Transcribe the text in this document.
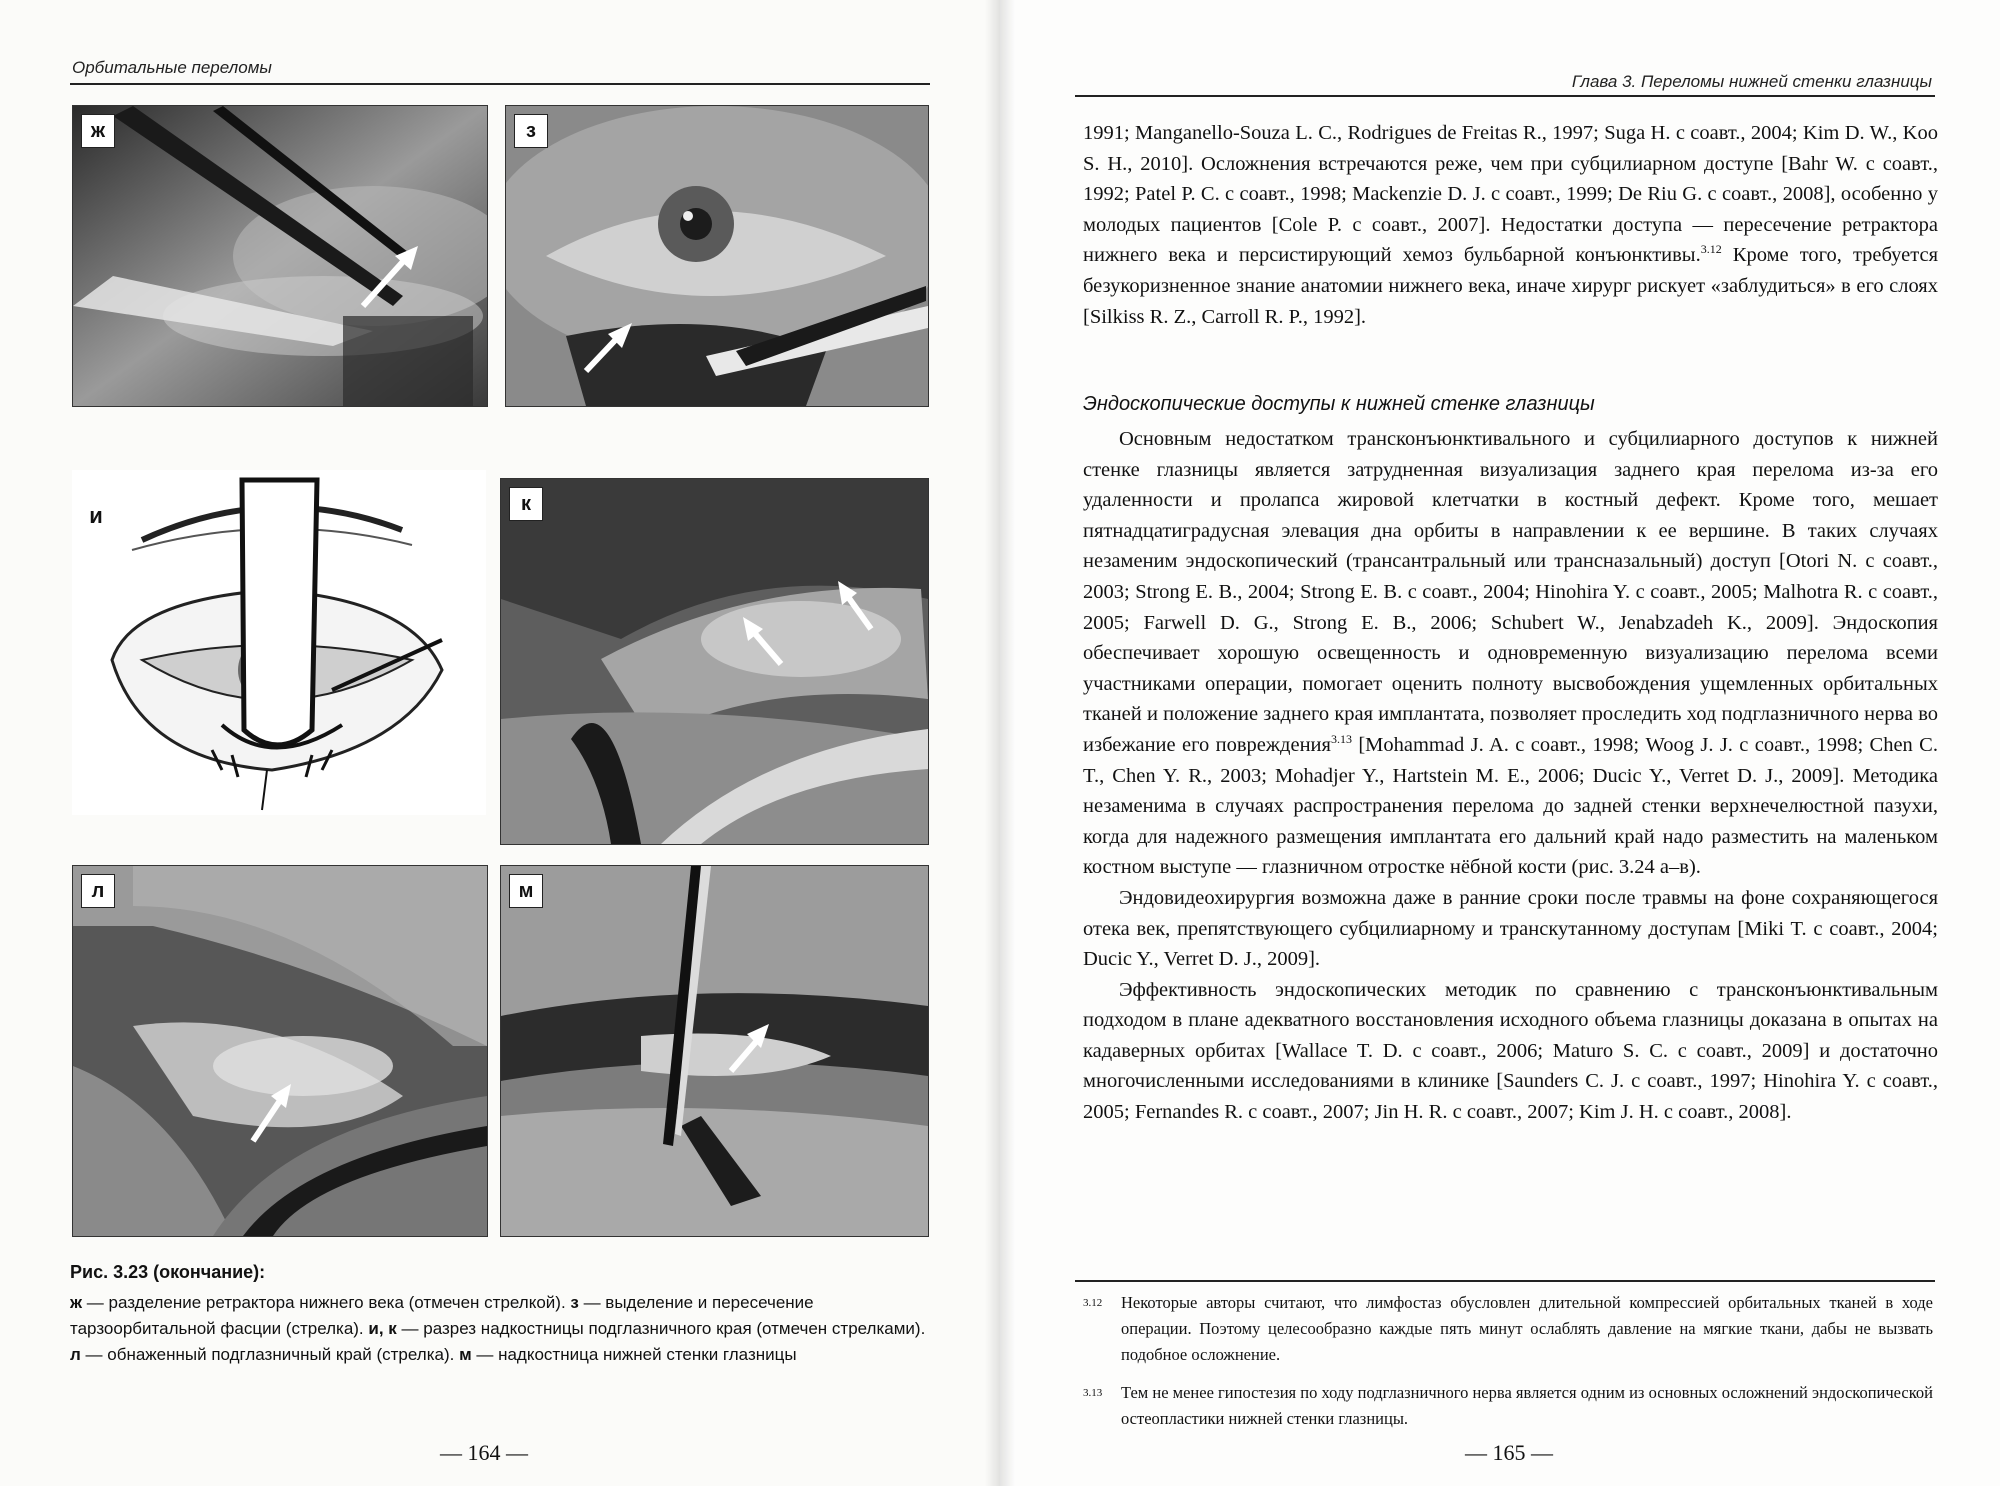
Орбитальные переломы
ж	з
и	к
л	м
Рис. 3.23 (окончание):
ж — разделение ретрактора нижнего века (отмечен стрелкой). з — выделение и пересечение тарзоорбитальной фасции (стрелка). и, к — разрез надкостницы подглазничного края (отмечен стрелками). л — обнаженный подглазничный край (стрелка). м — надкостница нижней стенки глазницы
— 164 —
Глава 3. Переломы нижней стенки глазницы

1991; Manganello-Souza L. C., Rodrigues de Freitas R., 1997; Suga H. с соавт., 2004; Kim D. W., Koo S. H., 2010]. Осложнения встречаются реже, чем при субцилиарном доступе [Bahr W. с соавт., 1992; Patel P. C. с соавт., 1998; Mackenzie D. J. с соавт., 1999; De Riu G. с соавт., 2008], особенно у молодых пациентов [Cole P. с соавт., 2007]. Недостатки доступа — пересечение ретрактора нижнего века и персистирующий хемоз бульбарной конъюнктивы.$^{3.12}$ Кроме того, требуется безукоризненное знание анатомии нижнего века, иначе хирург рискует «заблудиться» в его слоях [Silkiss R. Z., Carroll R. P., 1992].

Эндоскопические доступы к нижней стенке глазницы

Основным недостатком трансконъюнктивального и субцилиарного доступов к нижней стенке глазницы является затрудненная визуализация заднего края перелома из-за его удаленности и пролапса жировой клетчатки в костный дефект. Кроме того, мешает пятнадцатиградусная элевация дна орбиты в направлении к ее вершине. В таких случаях незаменим эндоскопический (трансантральный или трансназальный) доступ [Otori N. с соавт., 2003; Strong E. B., 2004; Strong E. B. с соавт., 2004; Hinohira Y. с соавт., 2005; Malhotra R. с соавт., 2005; Farwell D. G., Strong E. B., 2006; Schubert W., Jenabzadeh K., 2009]. Эндоскопия обеспечивает хорошую освещенность и одновременную визуализацию перелома всеми участниками операции, помогает оценить полноту высвобождения ущемленных орбитальных тканей и положение заднего края имплантата, позволяет проследить ход подглазничного нерва во избежание его повреждения$^{3.13}$ [Mohammad J. A. с соавт., 1998; Woog J. J. с соавт., 1998; Chen C. T., Chen Y. R., 2003; Mohadjer Y., Hartstein M. E., 2006; Ducic Y., Verret D. J., 2009]. Методика незаменима в случаях распространения перелома до задней стенки верхнечелюстной пазухи, когда для надежного размещения имплантата его дальний край надо разместить на маленьком костном выступе — глазничном отростке нёбной кости (рис. 3.24 а–в).

Эндовидеохирургия возможна даже в ранние сроки после травмы на фоне сохраняющегося отека век, препятствующего субцилиарному и транскутанному доступам [Miki T. с соавт., 2004; Ducic Y., Verret D. J., 2009].

Эффективность эндоскопических методик по сравнению с трансконъюнктивальным подходом в плане адекватного восстановления исходного объема глазницы доказана в опытах на кадаверных орбитах [Wallace T. D. с соавт., 2006; Maturo S. C. с соавт., 2009] и достаточно многочисленными исследованиями в клинике [Saunders C. J. с соавт., 1997; Hinohira Y. с соавт., 2005; Fernandes R. с соавт., 2007; Jin H. R. с соавт., 2007; Kim J. H. с соавт., 2008].

3.12 Некоторые авторы считают, что лимфостаз обусловлен длительной компрессией орбитальных тканей в ходе операции. Поэтому целесообразно каждые пять минут ослаблять давление на мягкие ткани, дабы не вызвать подобное осложнение.
3.13 Тем не менее гипостезия по ходу подглазничного нерва является одним из основных осложнений эндоскопической остеопластики нижней стенки глазницы.
— 165 —
